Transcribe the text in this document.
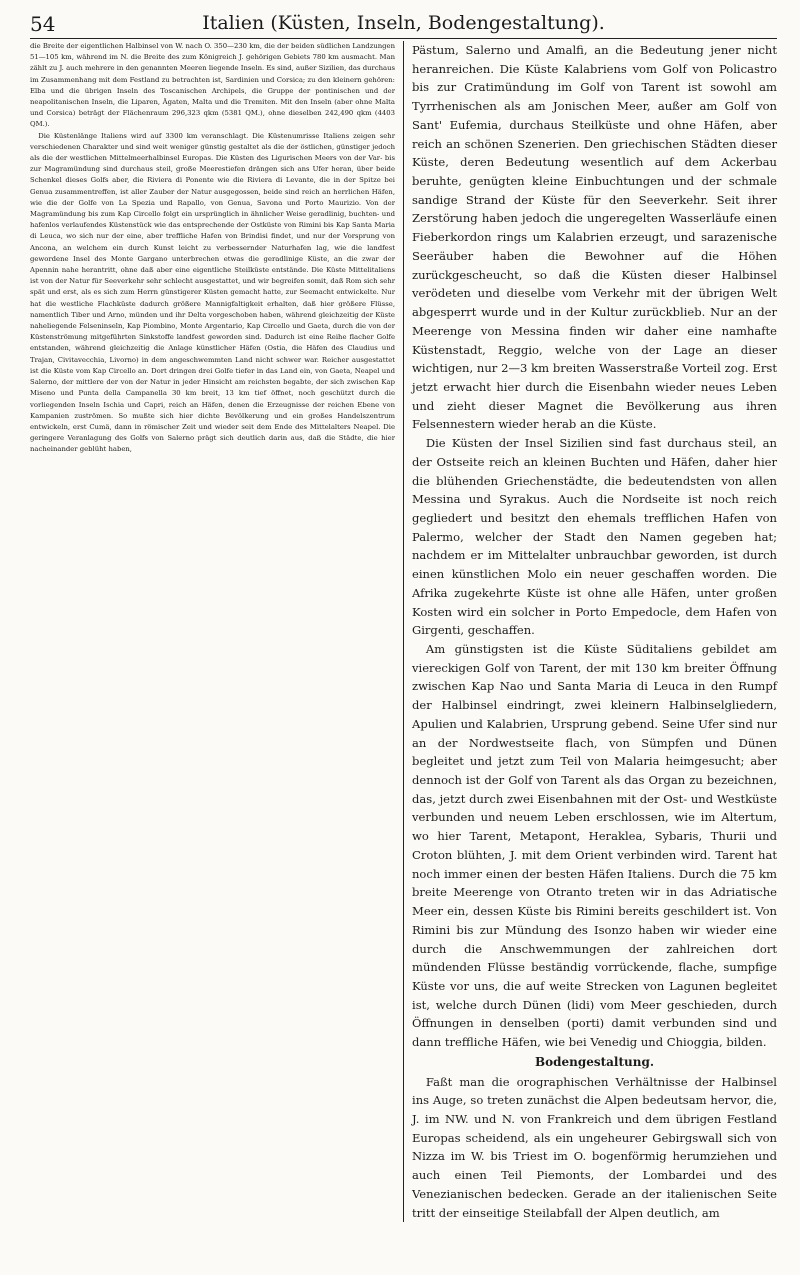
54	Italien (Küsten, Inseln, Bodengestaltung).

die Breite der eigentlichen Halbinsel von W. nach O. 350—230 km, die der beiden südlichen Landzungen 51—105 km, während im N. die Breite des zum Königreich J. gehörigen Gebiets 780 km ausmacht. Man zählt zu J. auch mehrere in den genannten Meeren liegende Inseln. Es sind, außer Sizilien, das durchaus im Zusammenhang mit dem Festland zu betrachten ist, Sardinien und Corsica; zu den kleinern gehören: Elba und die übrigen Inseln des Toscanischen Archipels, die Gruppe der pontinischen und der neapolitanischen Inseln, die Liparen, Ägaten, Malta und die Tremiten. Mit den Inseln (aber ohne Malta und Corsica) beträgt der Flächenraum 296,323 qkm (5381 QM.), ohne dieselben 242,490 qkm (4403 QM.).

Die Küstenlänge Italiens wird auf 3300 km veranschlagt. Die Küstenumrisse Italiens zeigen sehr verschiedenen Charakter und sind weit weniger günstig gestaltet als die der östlichen, günstiger jedoch als die der westlichen Mittelmeerhalbinsel Europas. Die Küsten des Ligurischen Meers von der Var- bis zur Magramündung sind durchaus steil, große Meerestiefen drängen sich ans Ufer heran, über beide Schenkel dieses Golfs aber, die Riviera di Ponente wie die Riviera di Levante, die in der Spitze bei Genua zusammentreffen, ist aller Zauber der Natur ausgegossen, beide sind reich an herrlichen Häfen, wie die der Golfe von La Spezia und Rapallo, von Genua, Savona und Porto Maurizio. Von der Magramündung bis zum Kap Circello folgt ein ursprünglich in ähnlicher Weise geradlinig, buchten- und hafenlos verlaufendes Küstenstück wie das entsprechende der Ostküste von Rimini bis Kap Santa Maria di Leuca, wo sich nur der eine, aber treffliche Hafen von Brindisi findet, und nur der Vorsprung von Ancona, an welchem ein durch Kunst leicht zu verbessernder Naturhafen lag, wie die landfest gewordene Insel des Monte Gargano unterbrechen etwas die geradlinige Küste, an die zwar der Apennin nahe herantritt, ohne daß aber eine eigentliche Steilküste entstände. Die Küste Mittelitaliens ist von der Natur für Seeverkehr sehr schlecht ausgestattet, und wir begreifen somit, daß Rom sich sehr spät und erst, als es sich zum Herrn günstigerer Küsten gemacht hatte, zur Seemacht entwickelte. Nur hat die westliche Flachküste dadurch größere Mannigfaltigkeit erhalten, daß hier größere Flüsse, namentlich Tiber und Arno, münden und ihr Delta vorgeschoben haben, während gleichzeitig der Küste naheliegende Felseninseln, Kap Piombino, Monte Argentario, Kap Circello und Gaeta, durch die von der Küstenströmung mitgeführten Sinkstoffe landfest geworden sind. Dadurch ist eine Reihe flacher Golfe entstanden, während gleichzeitig die Anlage künstlicher Häfen (Ostia, die Häfen des Claudius und Trajan, Civitavecchia, Livorno) in dem angeschwemmten Land nicht schwer war. Reicher ausgestattet ist die Küste vom Kap Circello an. Dort dringen drei Golfe tiefer in das Land ein, von Gaeta, Neapel und Salerno, der mittlere der von der Natur in jeder Hinsicht am reichsten begabte, der sich zwischen Kap Miseno und Punta della Campanella 30 km breit, 13 km tief öffnet, noch geschützt durch die vorliegenden Inseln Ischia und Capri, reich an Häfen, denen die Erzeugnisse der reichen Ebene von Kampanien zuströmen. So mußte sich hier dichte Bevölkerung und ein großes Handelszentrum entwickeln, erst Cumä, dann in römischer Zeit und wieder seit dem Ende des Mittelalters Neapel. Die geringere Veranlagung des Golfs von Salerno prägt sich deutlich darin aus, daß die Städte, die hier nacheinander geblüht haben,

Pästum, Salerno und Amalfi, an die Bedeutung jener nicht heranreichen. Die Küste Kalabriens vom Golf von Policastro bis zur Cratimündung im Golf von Tarent ist sowohl am Tyrrhenischen als am Jonischen Meer, außer am Golf von Sant' Eufemia, durchaus Steilküste und ohne Häfen, aber reich an schönen Szenerien. Den griechischen Städten dieser Küste, deren Bedeutung wesentlich auf dem Ackerbau beruhte, genügten kleine Einbuchtungen und der schmale sandige Strand der Küste für den Seeverkehr. Seit ihrer Zerstörung haben jedoch die ungeregelten Wasserläufe einen Fieberkordon rings um Kalabrien erzeugt, und sarazenische Seeräuber haben die Bewohner auf die Höhen zurückgescheucht, so daß die Küsten dieser Halbinsel verödeten und dieselbe vom Verkehr mit der übrigen Welt abgesperrt wurde und in der Kultur zurückblieb. Nur an der Meerenge von Messina finden wir daher eine namhafte Küstenstadt, Reggio, welche von der Lage an dieser wichtigen, nur 2—3 km breiten Wasserstraße Vorteil zog. Erst jetzt erwacht hier durch die Eisenbahn wieder neues Leben und zieht dieser Magnet die Bevölkerung aus ihren Felsennestern wieder herab an die Küste.

Die Küsten der Insel Sizilien sind fast durchaus steil, an der Ostseite reich an kleinen Buchten und Häfen, daher hier die blühenden Griechenstädte, die bedeutendsten von allen Messina und Syrakus. Auch die Nordseite ist noch reich gegliedert und besitzt den ehemals trefflichen Hafen von Palermo, welcher der Stadt den Namen gegeben hat; nachdem er im Mittelalter unbrauchbar geworden, ist durch einen künstlichen Molo ein neuer geschaffen worden. Die Afrika zugekehrte Küste ist ohne alle Häfen, unter großen Kosten wird ein solcher in Porto Empedocle, dem Hafen von Girgenti, geschaffen.

Am günstigsten ist die Küste Süditaliens gebildet am viereckigen Golf von Tarent, der mit 130 km breiter Öffnung zwischen Kap Nao und Santa Maria di Leuca in den Rumpf der Halbinsel eindringt, zwei kleinern Halbinselgliedern, Apulien und Kalabrien, Ursprung gebend. Seine Ufer sind nur an der Nordwestseite flach, von Sümpfen und Dünen begleitet und jetzt zum Teil von Malaria heimgesucht; aber dennoch ist der Golf von Tarent als das Organ zu bezeichnen, das, jetzt durch zwei Eisenbahnen mit der Ost- und Westküste verbunden und neuem Leben erschlossen, wie im Altertum, wo hier Tarent, Metapont, Heraklea, Sybaris, Thurii und Croton blühten, J. mit dem Orient verbinden wird. Tarent hat noch immer einen der besten Häfen Italiens. Durch die 75 km breite Meerenge von Otranto treten wir in das Adriatische Meer ein, dessen Küste bis Rimini bereits geschildert ist. Von Rimini bis zur Mündung des Isonzo haben wir wieder eine durch die Anschwemmungen der zahlreichen dort mündenden Flüsse beständig vorrückende, flache, sumpfige Küste vor uns, die auf weite Strecken von Lagunen begleitet ist, welche durch Dünen (lidi) vom Meer geschieden, durch Öffnungen in denselben (porti) damit verbunden sind und dann treffliche Häfen, wie bei Venedig und Chioggia, bilden.

Bodengestaltung.

Faßt man die orographischen Verhältnisse der Halbinsel ins Auge, so treten zunächst die Alpen bedeutsam hervor, die, J. im NW. und N. von Frankreich und dem übrigen Festland Europas scheidend, als ein ungeheurer Gebirgswall sich von Nizza im W. bis Triest im O. bogenförmig herumziehen und auch einen Teil Piemonts, der Lombardei und des Venezianischen bedecken. Gerade an der italienischen Seite tritt der einseitige Steilabfall der Alpen deutlich, am
